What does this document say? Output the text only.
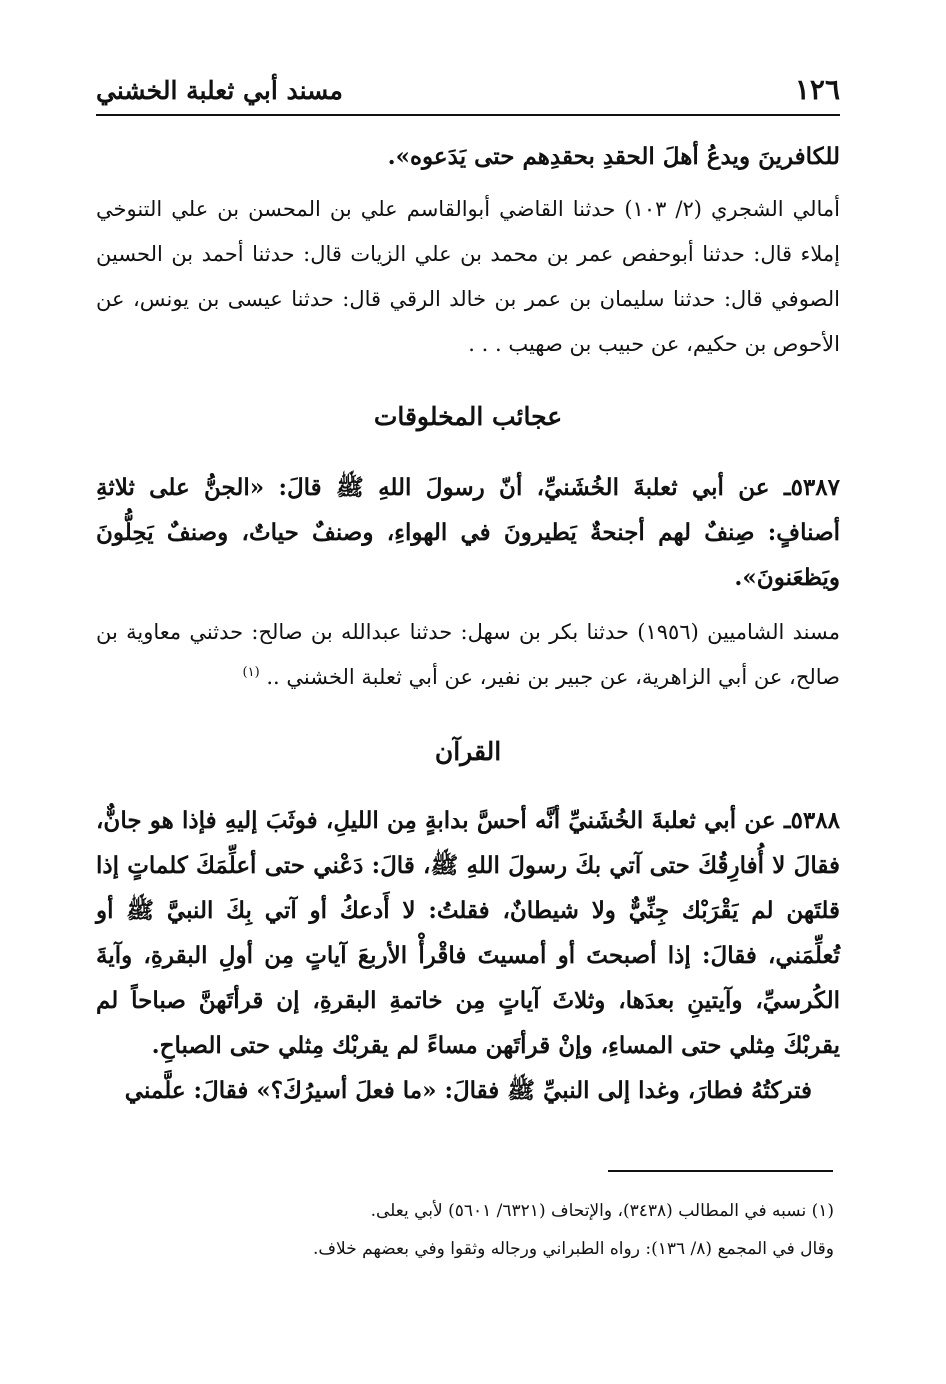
١٢٦
مسند أبي ثعلبة الخشني
للكافرينَ ويدعُ أهلَ الحقدِ بحقدِهم حتى يَدَعوه».
أمالي الشجري (٢/ ١٠٣) حدثنا القاضي أبوالقاسم علي بن المحسن بن علي التنوخي إملاء قال: حدثنا أبوحفص عمر بن محمد بن علي الزيات قال: حدثنا أحمد بن الحسين الصوفي قال: حدثنا سليمان بن عمر بن خالد الرقي قال: حدثنا عيسى بن يونس، عن الأحوص بن حكيم، عن حبيب بن صهيب . . .
عجائب المخلوقات
٥٣٨٧ـ عن أبي ثعلبةَ الخُشَنيِّ، أنّ رسولَ اللهِ ﷺ قالَ: «الجنُّ على ثلاثةِ أصنافٍ: صِنفٌ لهم أجنحةٌ يَطيرونَ في الهواءِ، وصنفٌ حياتٌ، وصنفٌ يَحِلُّونَ ويَظعَنونَ».
مسند الشاميين (١٩٥٦) حدثنا بكر بن سهل: حدثنا عبدالله بن صالح: حدثني معاوية بن صالح، عن أبي الزاهرية، عن جبير بن نفير، عن أبي ثعلبة الخشني .. $^{(١)}$
القرآن
٥٣٨٨ـ عن أبي ثعلبةَ الخُشَنيِّ أنَّه أحسَّ بدابةٍ مِن الليلِ، فوثَبَ إليهِ فإذا هو جانٌّ، فقالَ لا أُفارِقُكَ حتى آتي بكَ رسولَ اللهِ ﷺ، قالَ: دَعْني حتى أعلِّمَكَ كلماتٍ إذا قلتَهن لم يَقْرَبْك جِنِّيٌّ ولا شيطانٌ، فقلتُ: لا أَدعكُ أو آتي بِكَ النبيَّ ﷺ أو تُعلِّمَني، فقالَ: إذا أصبحتَ أو أمسيتَ فاقْرأْ الأربعَ آياتٍ مِن أولِ البقرةِ، وآيةَ الكُرسيِّ، وآيتينِ بعدَها، وثلاثَ آياتٍ مِن خاتمةِ البقرةِ، إن قرأتَهنَّ صباحاً لم يقربْكَ مِثلي حتى المساءِ، وإنْ قرأتَهن مساءً لم يقربْك مِثلي حتى الصباحِ.
فتركتُهُ فطارَ، وغدا إلى النبيِّ ﷺ فقالَ: «ما فعلَ أسيرُكَ؟» فقالَ: علَّمني
(١) نسبه في المطالب (٣٤٣٨)، والإتحاف (٦٣٢١/ ٥٦٠١) لأبي يعلى.
وقال في المجمع (٨/ ١٣٦): رواه الطبراني ورجاله وثقوا وفي بعضهم خلاف.
